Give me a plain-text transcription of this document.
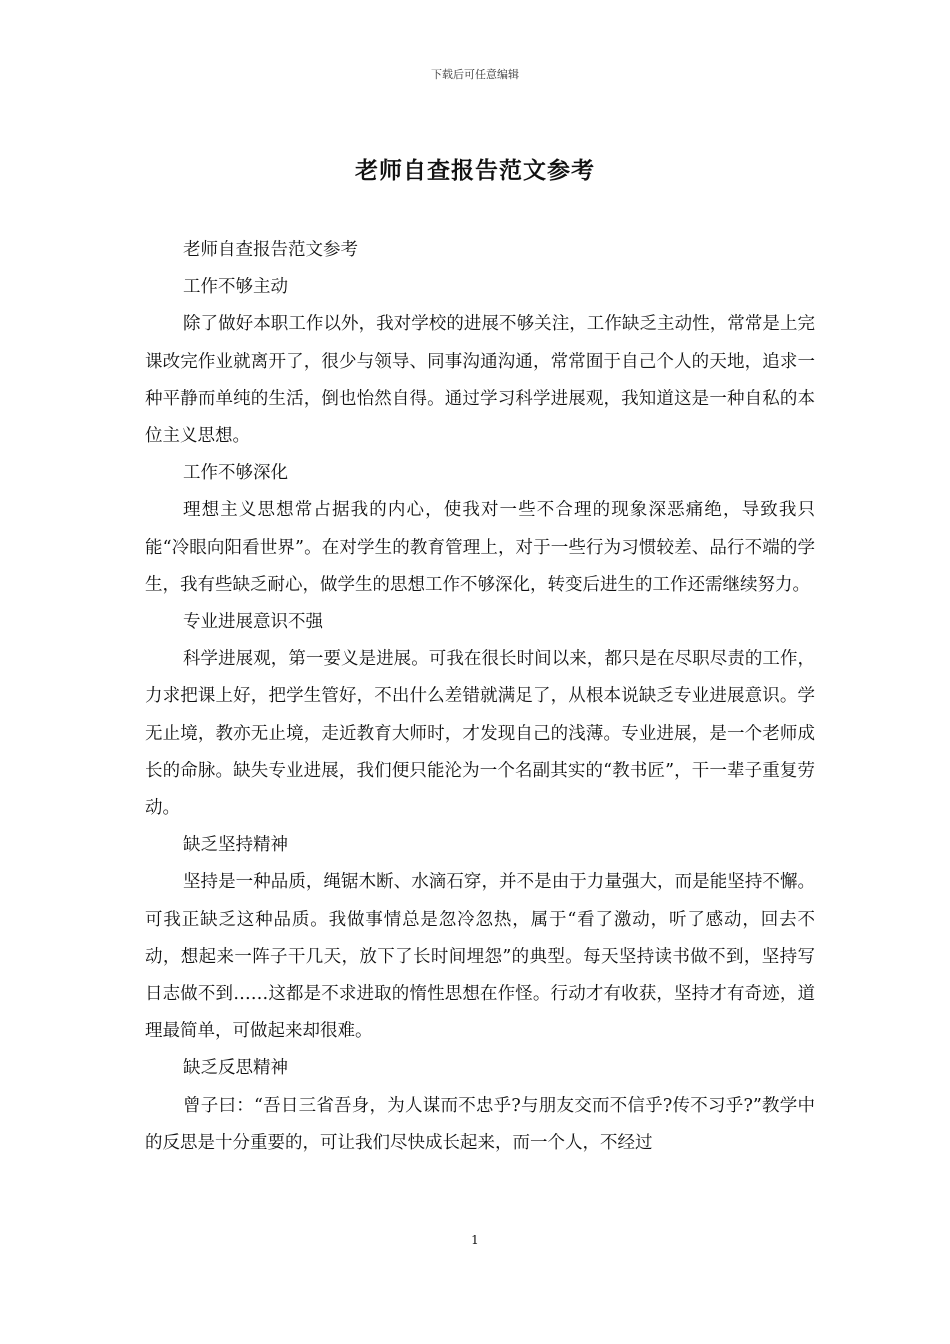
下载后可任意编辑
老师自查报告范文参考

老师自查报告范文参考

工作不够主动

除了做好本职工作以外，我对学校的进展不够关注，工作缺乏主动性，常常是上完课改完作业就离开了，很少与领导、同事沟通沟通，常常囿于自己个人的天地，追求一种平静而单纯的生活，倒也怡然自得。通过学习科学进展观，我知道这是一种自私的本位主义思想。

工作不够深化

理想主义思想常占据我的内心，使我对一些不合理的现象深恶痛绝，导致我只能“冷眼向阳看世界”。在对学生的教育管理上，对于一些行为习惯较差、品行不端的学生，我有些缺乏耐心，做学生的思想工作不够深化，转变后进生的工作还需继续努力。

专业进展意识不强

科学进展观，第一要义是进展。可我在很长时间以来，都只是在尽职尽责的工作，力求把课上好，把学生管好，不出什么差错就满足了，从根本说缺乏专业进展意识。学无止境，教亦无止境，走近教育大师时，才发现自己的浅薄。专业进展，是一个老师成长的命脉。缺失专业进展，我们便只能沦为一个名副其实的“教书匠”，干一辈子重复劳动。

缺乏坚持精神

坚持是一种品质，绳锯木断、水滴石穿，并不是由于力量强大，而是能坚持不懈。可我正缺乏这种品质。我做事情总是忽冷忽热，属于“看了激动，听了感动，回去不动，想起来一阵子干几天，放下了长时间埋怨”的典型。每天坚持读书做不到，坚持写日志做不到……这都是不求进取的惰性思想在作怪。行动才有收获，坚持才有奇迹，道理最简单，可做起来却很难。

缺乏反思精神

曾子曰：“吾日三省吾身，为人谋而不忠乎?与朋友交而不信乎?传不习乎?”教学中的反思是十分重要的，可让我们尽快成长起来，而一个人，不经过

1
